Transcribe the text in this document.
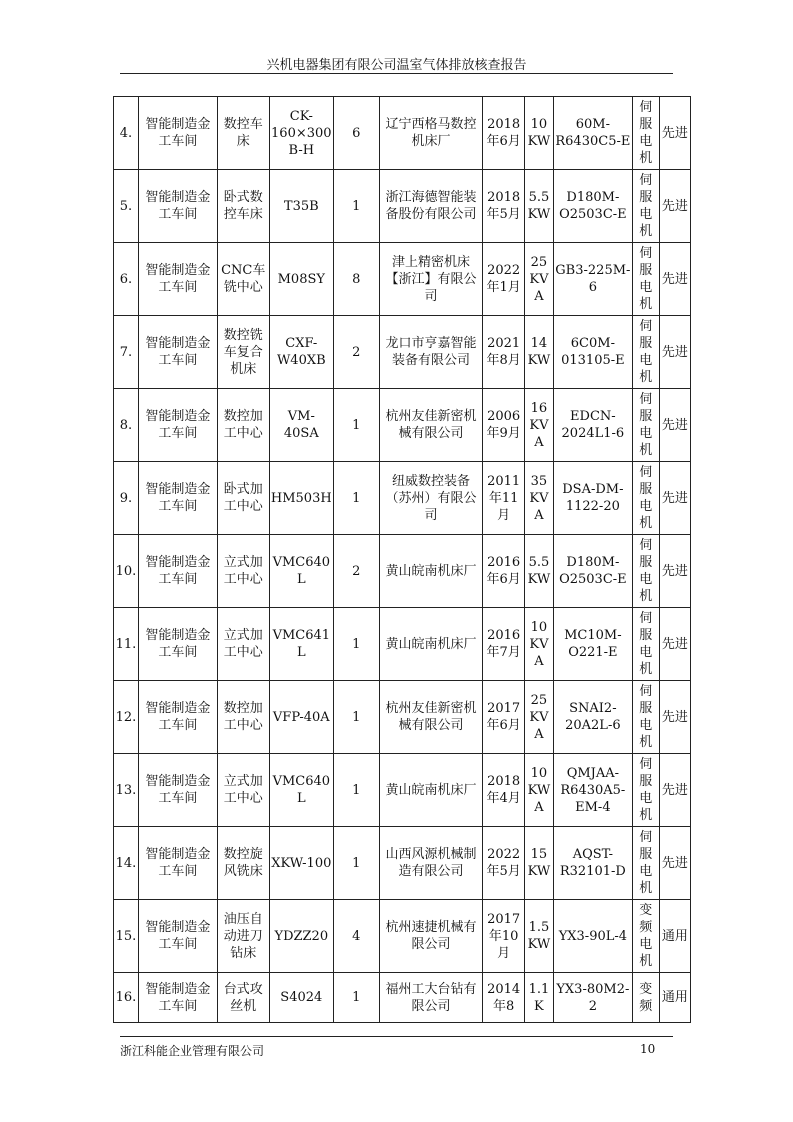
兴机电器集团有限公司温室气体排放核查报告
4.	智能制造金工车间	数控车床	CK-160×300B-H	6	辽宁西格马数控机床厂	2018年6月	10KW	60M-R6430C5-E	伺服电机	先进
5.	智能制造金工车间	卧式数控车床	T35B	1	浙江海德智能装备股份有限公司	2018年5月	5.5KW	D180M-O2503C-E	伺服电机	先进
6.	智能制造金工车间	CNC车铣中心	M08SY	8	津上精密机床【浙江】有限公司	2022年1月	25KVA	GB3-225M-6	伺服电机	先进
7.	智能制造金工车间	数控铣车复合机床	CXF-W40XB	2	龙口市亨嘉智能装备有限公司	2021年8月	14KW	6C0M-013105-E	伺服电机	先进
8.	智能制造金工车间	数控加工中心	VM-40SA	1	杭州友佳新密机械有限公司	2006年9月	16KVA	EDCN-2024L1-6	伺服电机	先进
9.	智能制造金工车间	卧式加工中心	HM503H	1	纽威数控装备（苏州）有限公司	2011年11月	35KVA	DSA-DM-1122-20	伺服电机	先进
10.	智能制造金工车间	立式加工中心	VMC640L	2	黄山皖南机床厂	2016年6月	5.5KW	D180M-O2503C-E	伺服电机	先进
11.	智能制造金工车间	立式加工中心	VMC641L	1	黄山皖南机床厂	2016年7月	10KVA	MC10M-O221-E	伺服电机	先进
12.	智能制造金工车间	数控加工中心	VFP-40A	1	杭州友佳新密机械有限公司	2017年6月	25KVA	SNAI2-20A2L-6	伺服电机	先进
13.	智能制造金工车间	立式加工中心	VMC640L	1	黄山皖南机床厂	2018年4月	10KWA	QMJAA-R6430A5-EM-4	伺服电机	先进
14.	智能制造金工车间	数控旋风铣床	XKW-100	1	山西风源机械制造有限公司	2022年5月	15KW	AQST-R32101-D	伺服电机	先进
15.	智能制造金工车间	油压自动进刀钻床	YDZZ20	4	杭州速捷机械有限公司	2017年10月	1.5KW	YX3-90L-4	变频电机	通用
16.	智能制造金工车间	台式攻丝机	S4024	1	福州工大台钻有限公司	2014年8	1.1K	YX3-80M2-2	变频	通用
浙江科能企业管理有限公司	10
